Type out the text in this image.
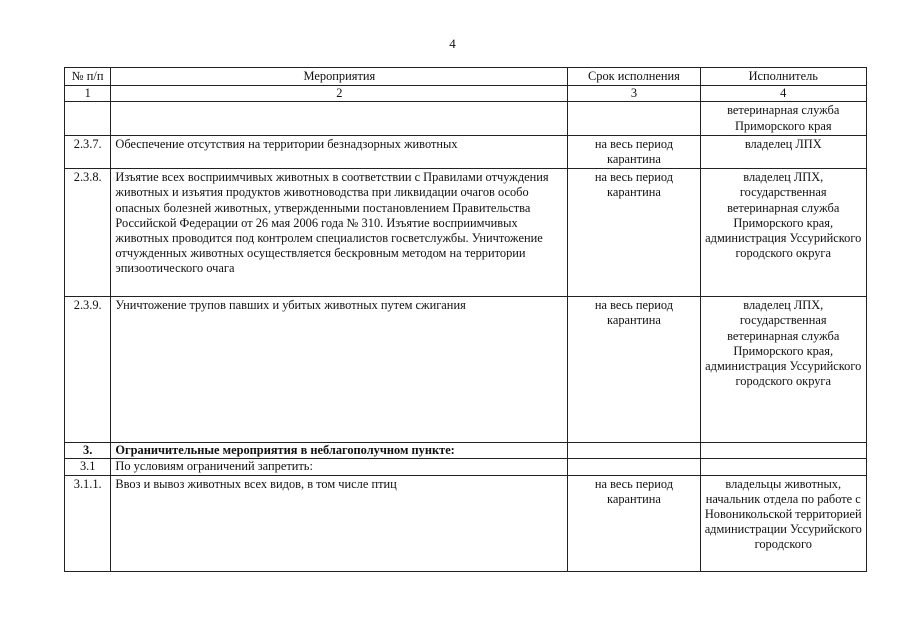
4
№ п/п	Мероприятия	Срок исполнения	Исполнитель
1	2	3	4
			ветеринарная служба Приморского края
2.3.7.	Обеспечение отсутствия на территории безнадзорных животных	на весь период карантина	владелец ЛПХ
2.3.8.	Изъятие всех восприимчивых животных в соответствии с Правилами отчуждения животных и изъятия продуктов животноводства при ликвидации очагов особо опасных болезней животных, утвержденными постановлением Правительства Российской Федерации от 26 мая 2006 года № 310. Изъятие восприимчивых животных проводится под контролем специалистов госветслужбы. Уничтожение отчужденных животных осуществляется бескровным методом на территории эпизоотического очага	на весь период карантина	владелец ЛПХ, государственная ветеринарная служба Приморского края, администрация Уссурийского городского округа
2.3.9.	Уничтожение трупов павших и убитых животных путем сжигания	на весь период карантина	владелец ЛПХ, государственная ветеринарная служба Приморского края, администрация Уссурийского городского округа
3.	Ограничительные мероприятия в неблагополучном пункте:		
3.1	По условиям ограничений запретить:		
3.1.1.	Ввоз и вывоз животных всех видов, в том числе птиц	на весь период карантина	владельцы животных, начальник отдела по работе с Новоникольской территорией администрации Уссурийского городского
